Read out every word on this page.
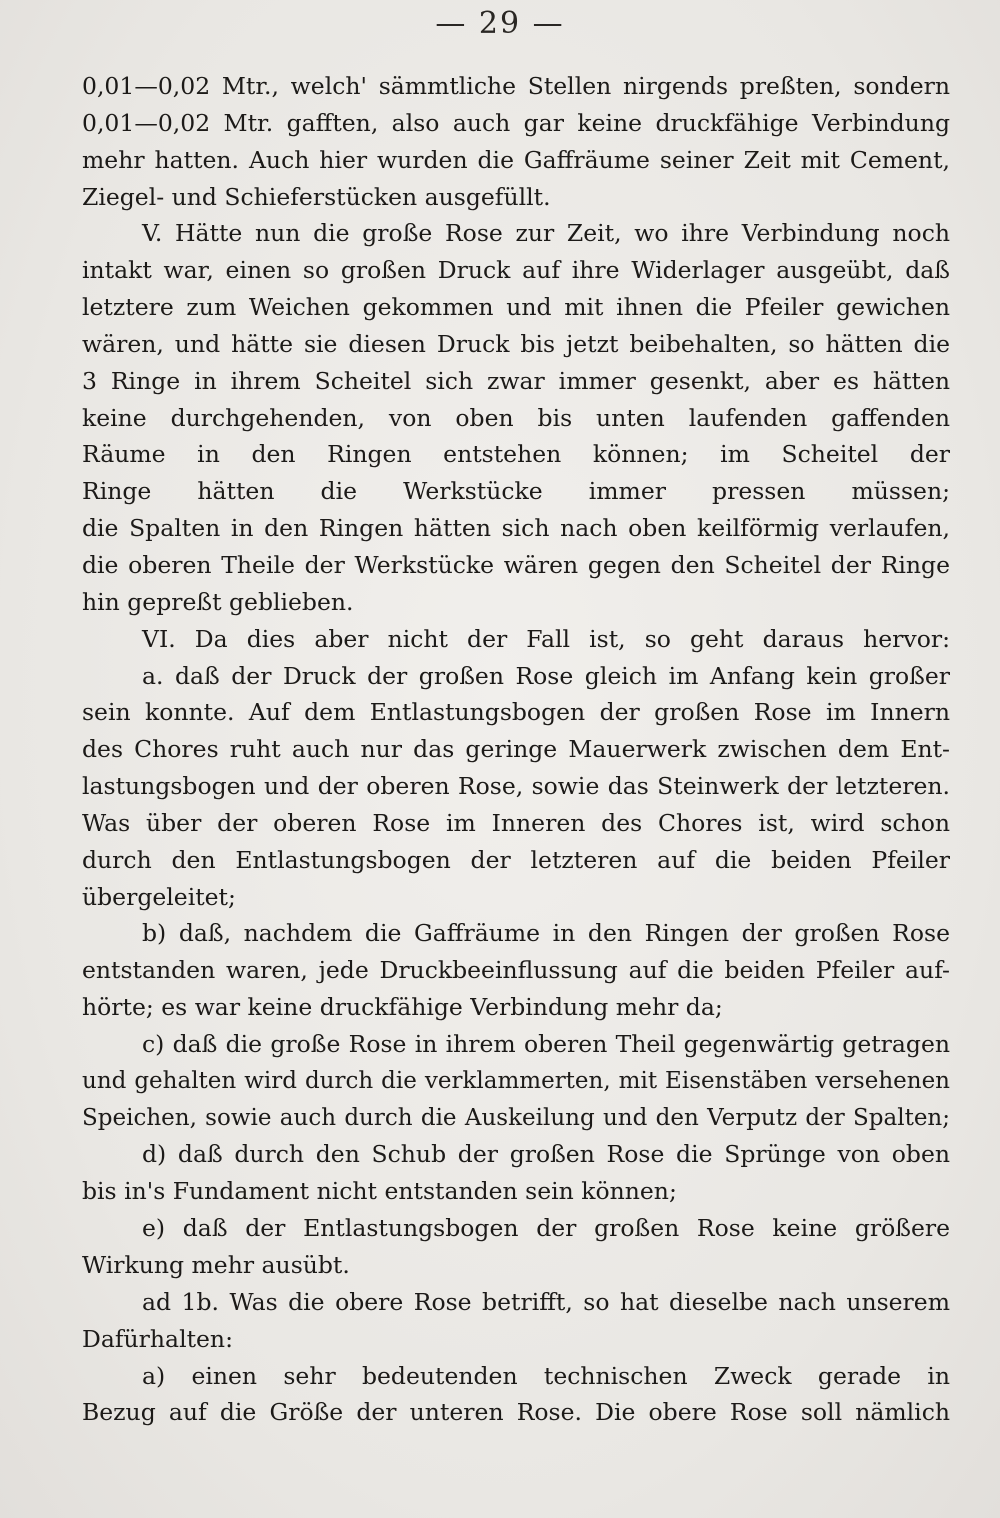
— 29 —
0,01—0,02 Mtr., welch' sämmtliche Stellen nirgends preßten, sondern
0,01—0,02 Mtr. gafften, also auch gar keine druckfähige Verbindung
mehr hatten. Auch hier wurden die Gaffräume seiner Zeit mit Cement,
Ziegel- und Schieferstücken ausgefüllt.
V. Hätte nun die große Rose zur Zeit, wo ihre Verbindung noch
intakt war, einen so großen Druck auf ihre Widerlager ausgeübt, daß
letztere zum Weichen gekommen und mit ihnen die Pfeiler gewichen
wären, und hätte sie diesen Druck bis jetzt beibehalten, so hätten die
3 Ringe in ihrem Scheitel sich zwar immer gesenkt, aber es hätten
keine durchgehenden, von oben bis unten laufenden gaffenden
Räume in den Ringen entstehen können; im Scheitel der
Ringe hätten die Werkstücke immer pressen müssen;
die Spalten in den Ringen hätten sich nach oben keilförmig verlaufen,
die oberen Theile der Werkstücke wären gegen den Scheitel der Ringe
hin gepreßt geblieben.
VI. Da dies aber nicht der Fall ist, so geht daraus hervor:
a. daß der Druck der großen Rose gleich im Anfang kein großer
sein konnte. Auf dem Entlastungsbogen der großen Rose im Innern
des Chores ruht auch nur das geringe Mauerwerk zwischen dem Ent-
lastungsbogen und der oberen Rose, sowie das Steinwerk der letzteren.
Was über der oberen Rose im Inneren des Chores ist, wird schon
durch den Entlastungsbogen der letzteren auf die beiden Pfeiler
übergeleitet;
b) daß, nachdem die Gaffräume in den Ringen der großen Rose
entstanden waren, jede Druckbeeinflussung auf die beiden Pfeiler auf-
hörte; es war keine druckfähige Verbindung mehr da;
c) daß die große Rose in ihrem oberen Theil gegenwärtig getragen
und gehalten wird durch die verklammerten, mit Eisenstäben versehenen
Speichen, sowie auch durch die Auskeilung und den Verputz der Spalten;
d) daß durch den Schub der großen Rose die Sprünge von oben
bis in's Fundament nicht entstanden sein können;
e) daß der Entlastungsbogen der großen Rose keine größere
Wirkung mehr ausübt.
ad 1b. Was die obere Rose betrifft, so hat dieselbe nach unserem
Dafürhalten:
a) einen sehr bedeutenden technischen Zweck gerade in
Bezug auf die Größe der unteren Rose. Die obere Rose soll nämlich
